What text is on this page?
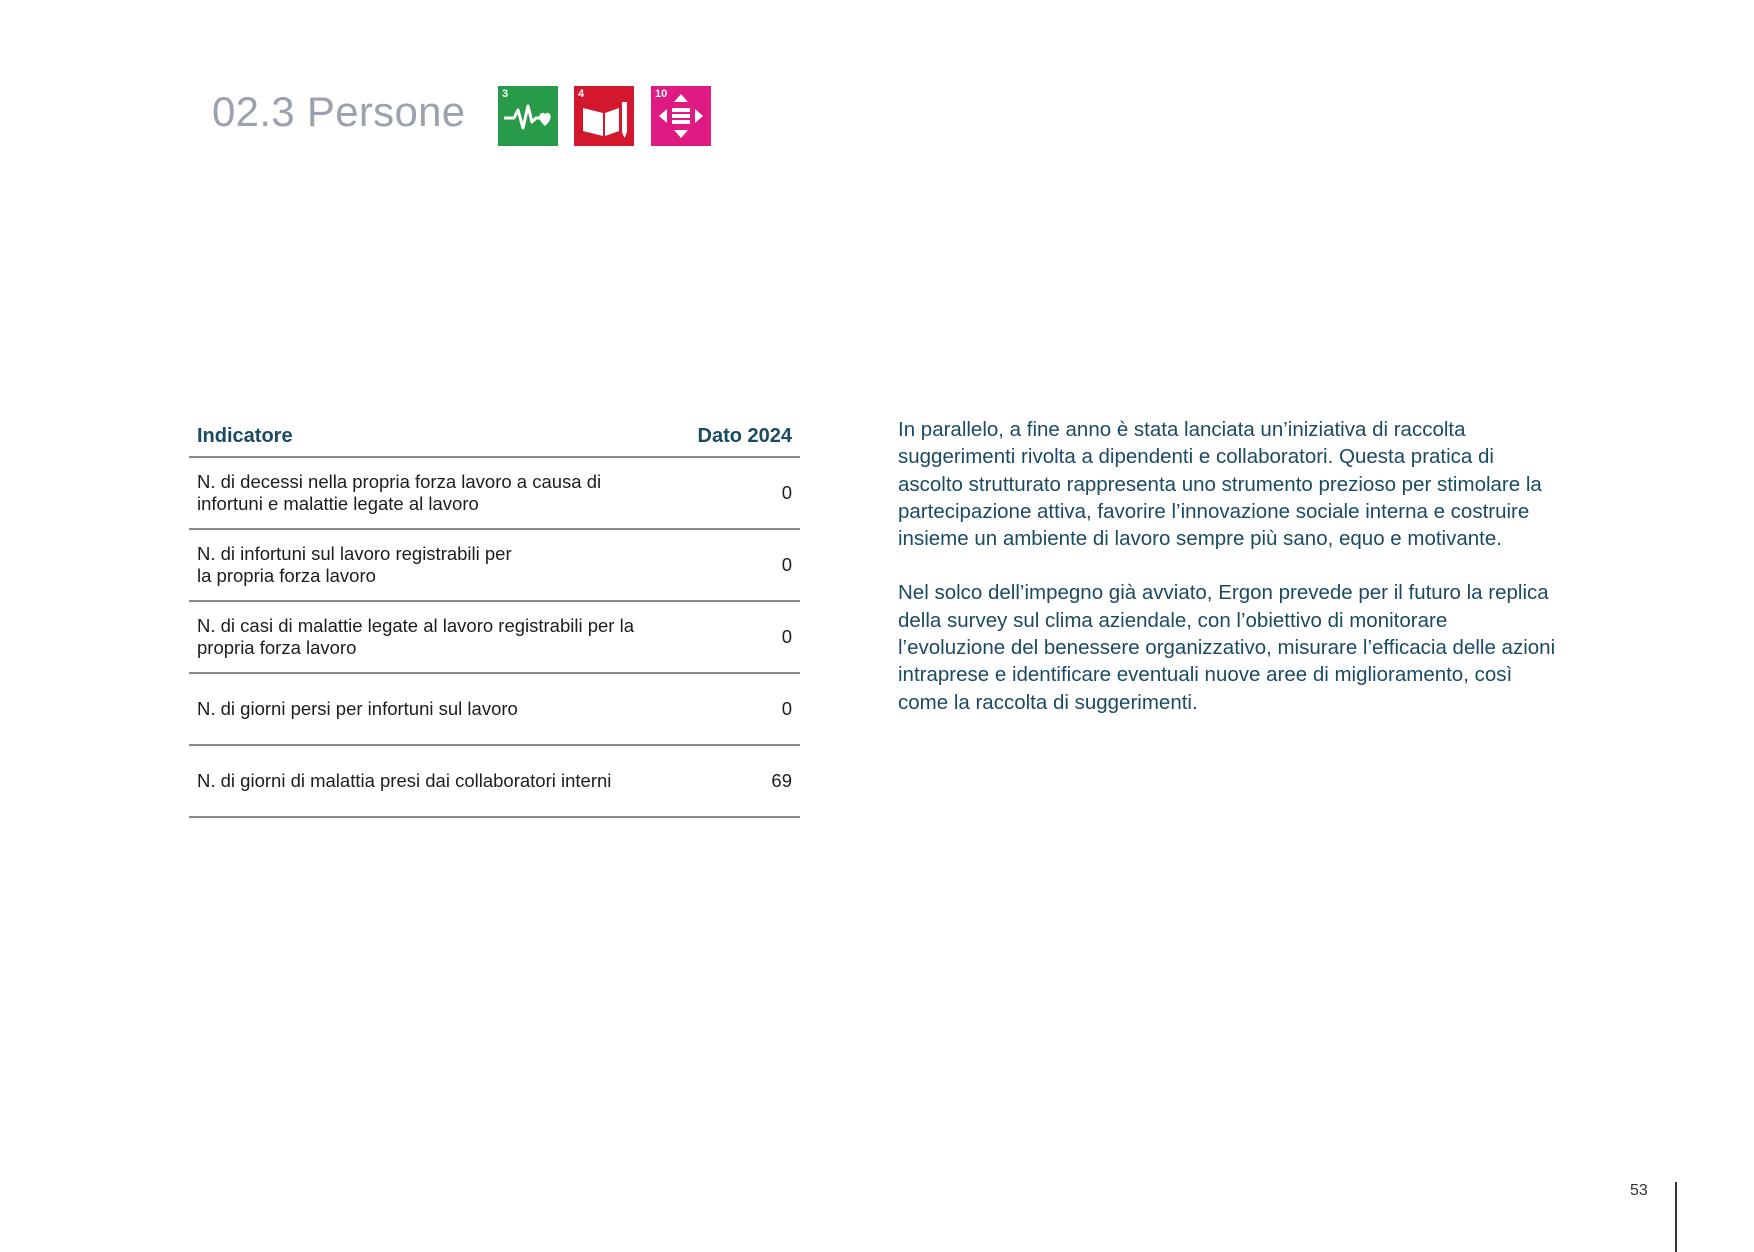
02.3 Persone	3	4	10
Indicatore	Dato 2024

N. di decessi nella propria forza lavoro a causa di infortuni e malattie legate al lavoro	0

N. di infortuni sul lavoro registrabili per la propria forza lavoro	0

N. di casi di malattie legate al lavoro registrabili per la propria forza lavoro	0

N. di giorni persi per infortuni sul lavoro	0

N. di giorni di malattia presi dai collaboratori interni	69

In parallelo, a fine anno è stata lanciata un’iniziativa di raccolta suggerimenti rivolta a dipendenti e collaboratori. Questa pratica di ascolto strutturato rappresenta uno strumento prezioso per stimolare la partecipazione attiva, favorire l’innovazione sociale interna e costruire insieme un ambiente di lavoro sempre più sano, equo e motivante.

Nel solco dell’impegno già avviato, Ergon prevede per il futuro la replica della survey sul clima aziendale, con l’obiettivo di monitorare l’evoluzione del benessere organizzativo, misurare l’efficacia delle azioni intraprese e identificare eventuali nuove aree di miglioramento, così come la raccolta di suggerimenti.

53
